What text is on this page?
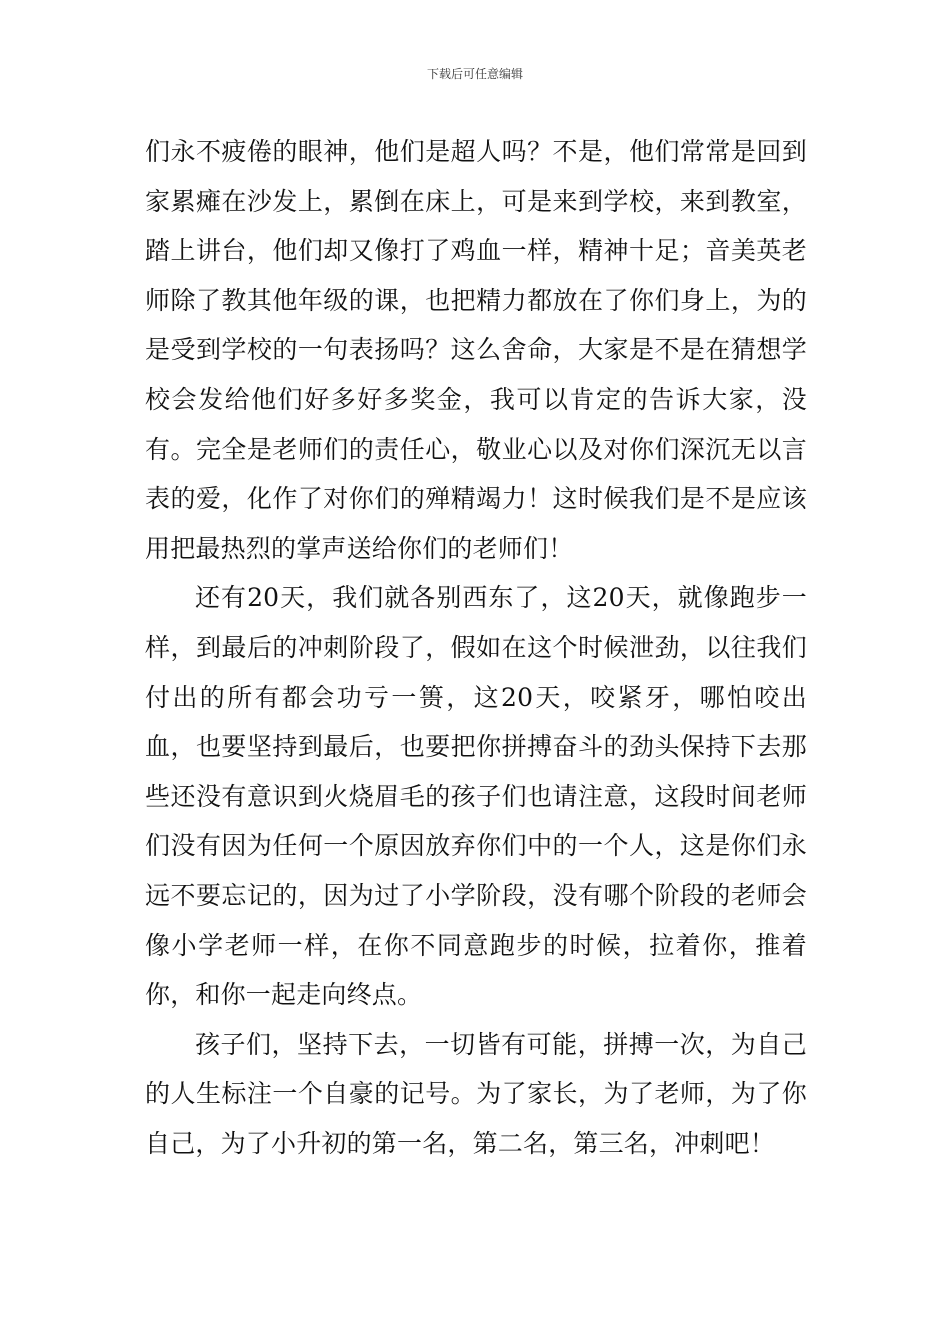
下载后可任意编辑

们永不疲倦的眼神，他们是超人吗？不是，他们常常是回到家累瘫在沙发上，累倒在床上，可是来到学校，来到教室，踏上讲台，他们却又像打了鸡血一样，精神十足；音美英老师除了教其他年级的课，也把精力都放在了你们身上，为的是受到学校的一句表扬吗？这么舍命，大家是不是在猜想学校会发给他们好多好多奖金，我可以肯定的告诉大家，没有。完全是老师们的责任心，敬业心以及对你们深沉无以言表的爱，化作了对你们的殚精竭力！这时候我们是不是应该用把最热烈的掌声送给你们的老师们！

还有20天，我们就各别西东了，这20天，就像跑步一样，到最后的冲刺阶段了，假如在这个时候泄劲，以往我们付出的所有都会功亏一篑，这20天，咬紧牙，哪怕咬出血，也要坚持到最后，也要把你拼搏奋斗的劲头保持下去那些还没有意识到火烧眉毛的孩子们也请注意，这段时间老师们没有因为任何一个原因放弃你们中的一个人，这是你们永远不要忘记的，因为过了小学阶段，没有哪个阶段的老师会像小学老师一样，在你不同意跑步的时候，拉着你，推着你，和你一起走向终点。

孩子们，坚持下去，一切皆有可能，拼搏一次，为自己的人生标注一个自豪的记号。为了家长，为了老师，为了你自己，为了小升初的第一名，第二名，第三名，冲刺吧！
